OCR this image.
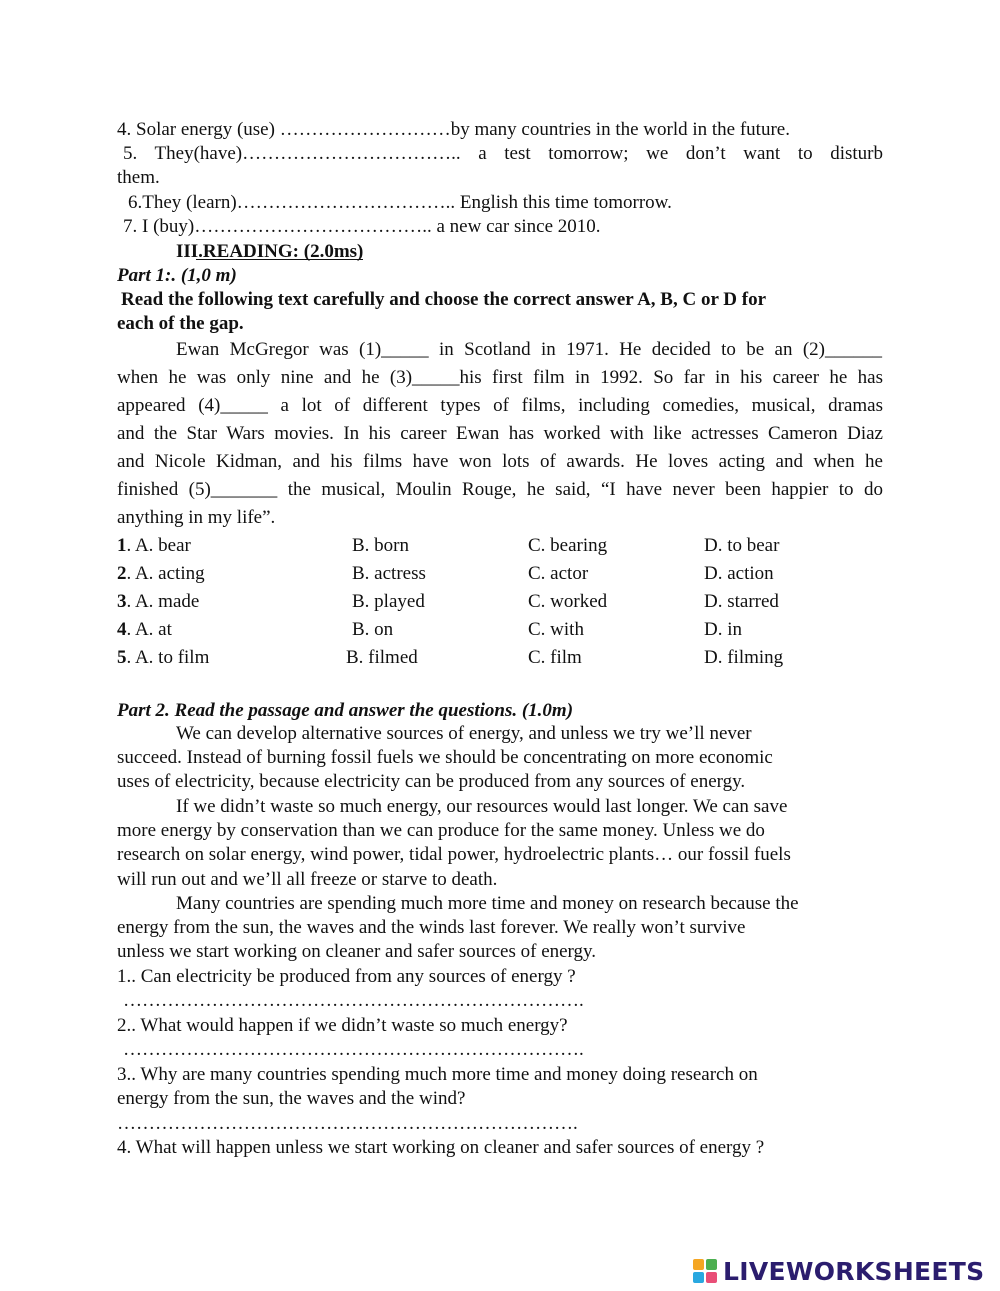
4. Solar energy (use) ………………………by many countries in the world in the future.
5. They(have)…………………………….. a test tomorrow; we don’t want to disturb
them.
6.They (learn)…………………………….. English this time tomorrow.
7. I (buy)……………………………….. a new car since 2010.
III.READING: (2.0ms)
Part 1:. (1,0 m)
Read the following text carefully and choose the correct answer A, B, C or D for
each of the gap.
Ewan McGregor was (1)_____ in Scotland in 1971. He decided to be an (2)______
when he was only nine and he (3)_____his first film in 1992. So far in his career he has
appeared (4)_____ a lot of different types of films, including comedies, musical, dramas
and the Star Wars movies. In his career Ewan has worked with like actresses Cameron Diaz
and Nicole Kidman, and his films have won lots of awards. He loves acting and when he
finished (5)_______ the musical, Moulin Rouge, he said, “I have never been happier to do
anything in my life”.
1. A. bear	B. born	C. bearing	D. to bear
2. A. acting	B. actress	C. actor	D. action
3. A. made	B. played	C. worked	D. starred
4. A. at	B. on	C. with	D. in
5. A. to film	B. filmed	C. film	D. filming
Part 2. Read the passage and answer the questions. (1.0m)
We can develop alternative sources of energy, and unless we try we’ll never
succeed. Instead of burning fossil fuels we should be concentrating on more economic
uses of electricity, because electricity can be produced from any sources of energy.
If we didn’t waste so much energy, our resources would last longer. We can save
more energy by conservation than we can produce for the same money. Unless we do
research on solar energy, wind power, tidal power, hydroelectric plants… our fossil fuels
will run out and we’ll all freeze or starve to death.
Many countries are spending much more time and money on research because the
energy from the sun, the waves and the winds last forever. We really won’t survive
unless we start working on cleaner and safer sources of energy.
1.. Can electricity be produced from any sources of energy ?
……………………………………………………………….
2.. What would happen if we didn’t waste so much energy?
……………………………………………………………….
3.. Why are many countries spending much more time and money doing research on
energy from the sun, the waves and the wind?
……………………………………………………………….
4. What will happen unless we start working on cleaner and safer sources of energy ?
LIVEWORKSHEETS
